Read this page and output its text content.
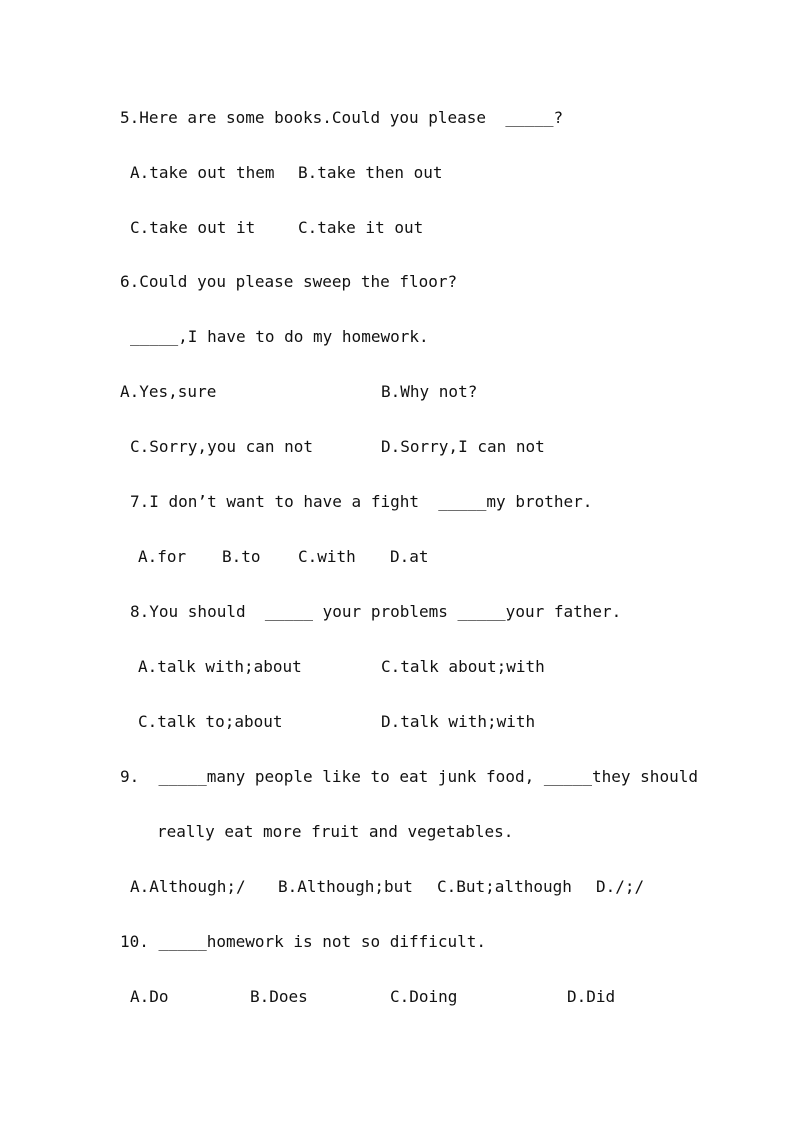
5.Here are some books.Could you please  _____?

A.take out them B.take then out

C.take out it	C.take it out

6.Could you please sweep the floor?

_____,I have to do my homework.

A.Yes,sure	B.Why not?

C.Sorry,you can not	D.Sorry,I can not

7.I don’t want to have a fight  _____my brother.

A.for B.to C.with D.at

8.You should  _____ your problems _____your father.

A.talk with;about	C.talk about;with

C.talk to;about	D.talk with;with

9.  _____many people like to eat junk food, _____they should

really eat more fruit and vegetables.

A.Although;/ B.Although;but C.But;although D./;/

10. _____homework is not so difficult.

A.Do	B.Does	C.Doing	D.Did
